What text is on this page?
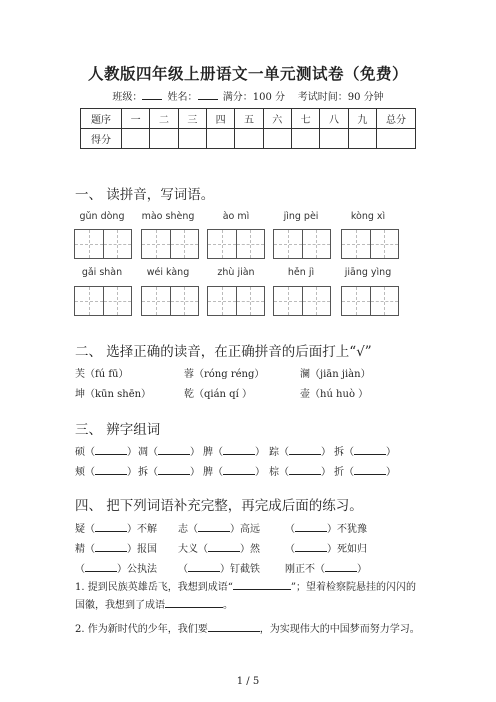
人教版四年级上册语文一单元测试卷（免费）
班级：	姓名：	满分：100 分 考试时间：90 分钟
题序	一	二	三	四	五	六	七	八	九	总分
得分										
一、 读拼音，写词语。
gǔn dòng	mào shèng	ào mì	jìng pèi	kòng xì
gǎi shàn	wéi kàng	zhù jiàn	hěn jì	jiāng yìng
二、 选择正确的读音，在正确拼音的后面打上“√”
芙（fú fū）	蓉（róng réng）	澜（jiān jiàn）
坤（kūn shēn）	乾（qián qí ）	壶（hú huò ）
三、 辨字组词
硕（	） 凋（	） 脾（	） 踪（	） 拆（	）
颊（	） 拆（	） 脾（	） 棕（	） 折（	）
四、 把下列词语补充完整，再完成后面的练习。
疑（	）不解 志（	）高远	（	）不犹豫
精（	）报国 大义（	）然	（	）死如归
（	）公执法 （	）钉截铁	刚正不（	）
1. 提到民族英雄岳飞，我想到成语“	”；望着检察院悬挂的闪闪的
国徽，我想到了成语	。
2. 作为新时代的少年，我们要	，为实现伟大的中国梦而努力学习。
1 / 5
